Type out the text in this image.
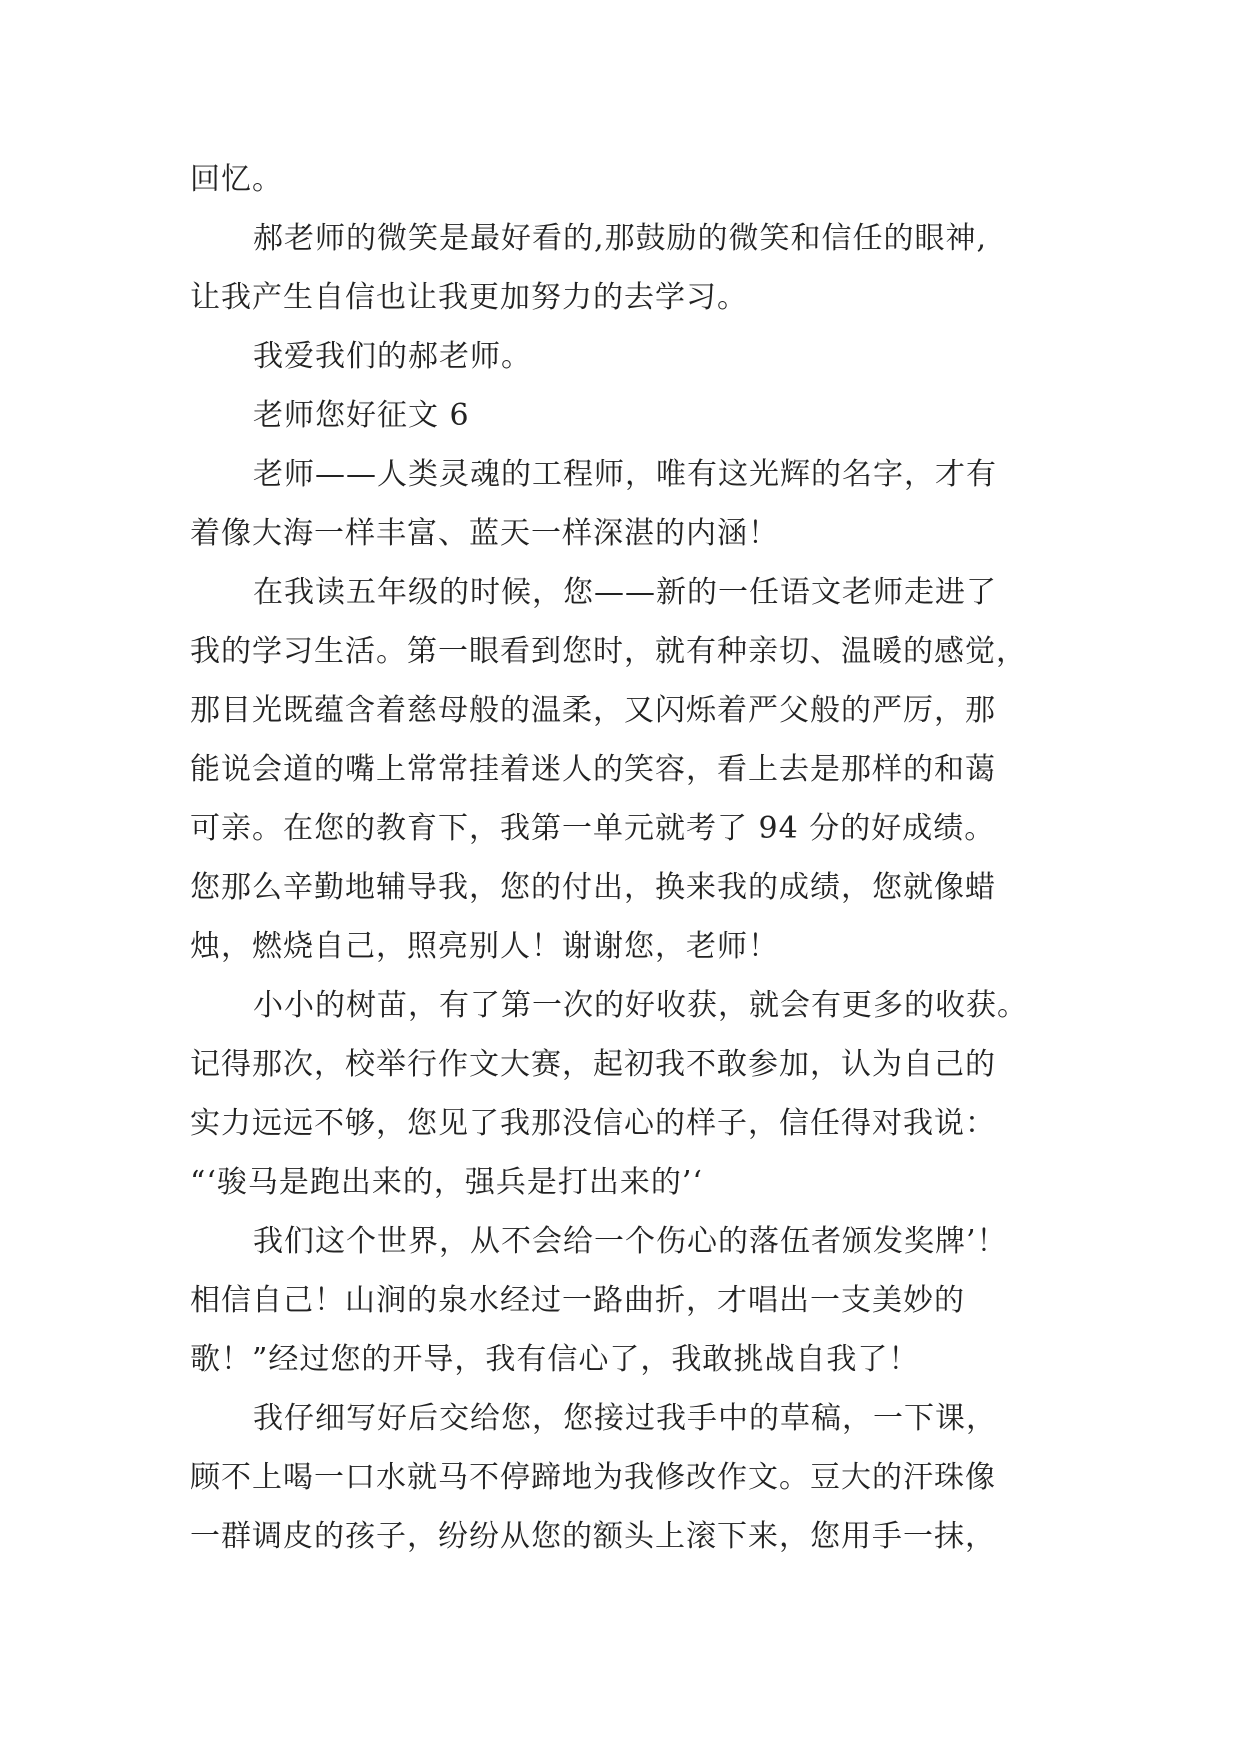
回忆。
郝老师的微笑是最好看的,那鼓励的微笑和信任的眼神,
让我产生自信也让我更加努力的去学习。
我爱我们的郝老师。
老师您好征文 6
老师——人类灵魂的工程师，唯有这光辉的名字，才有
着像大海一样丰富、蓝天一样深湛的内涵！
在我读五年级的时候，您——新的一任语文老师走进了
我的学习生活。第一眼看到您时，就有种亲切、温暖的感觉，
那目光既蕴含着慈母般的温柔，又闪烁着严父般的严厉，那
能说会道的嘴上常常挂着迷人的笑容，看上去是那样的和蔼
可亲。在您的教育下，我第一单元就考了 94 分的好成绩。
您那么辛勤地辅导我，您的付出，换来我的成绩，您就像蜡
烛，燃烧自己，照亮别人！谢谢您，老师！
小小的树苗，有了第一次的好收获，就会有更多的收获。
记得那次，校举行作文大赛，起初我不敢参加，认为自己的
实力远远不够，您见了我那没信心的样子，信任得对我说：
“‘骏马是跑出来的，强兵是打出来的’‘
我们这个世界，从不会给一个伤心的落伍者颁发奖牌’！
相信自己！山涧的泉水经过一路曲折，才唱出一支美妙的
歌！”经过您的开导，我有信心了，我敢挑战自我了！
我仔细写好后交给您，您接过我手中的草稿，一下课，
顾不上喝一口水就马不停蹄地为我修改作文。豆大的汗珠像
一群调皮的孩子，纷纷从您的额头上滚下来，您用手一抹，
